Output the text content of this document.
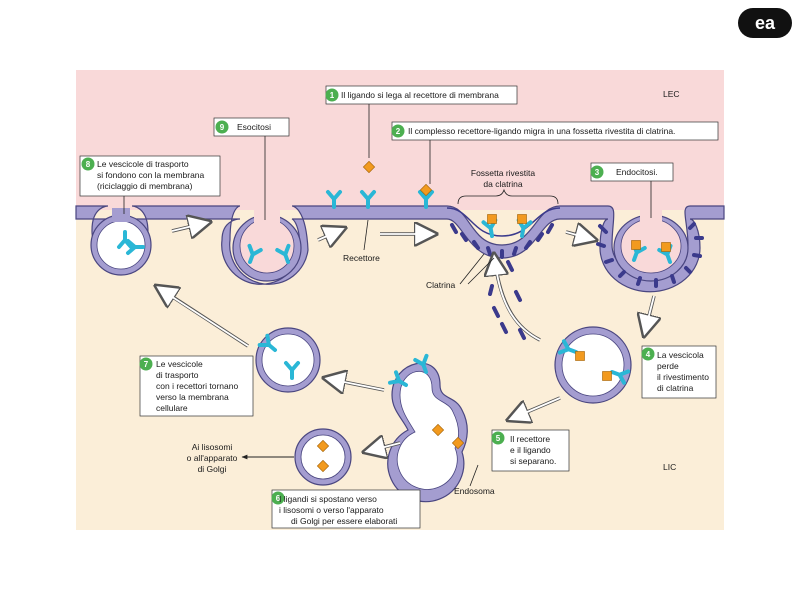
ea
1 Il ligando si lega al recettore di membrana
2 Il complesso recettore-ligando migra in una fossetta rivestita di clatrina.
3 Endocitosi.
4 La vescicola
perde
il rivestimento
di clatrina
5 Il recettore
e il ligando
si separano.
6
I ligandi si spostano verso
i lisosomi o verso l'apparato
di Golgi per essere elaborati
7 Le vescicole
di trasporto
con i recettori tornano
verso la membrana
cellulare
8 Le vescicole di trasporto
si fondono con la membrana
(riciclaggio di membrana)
9 Esocitosi
LEC
LIC
Fossetta rivestita
da clatrina
Recettore
Clatrina
Ai lisosomi
o all'apparato
di Golgi
Endosoma
